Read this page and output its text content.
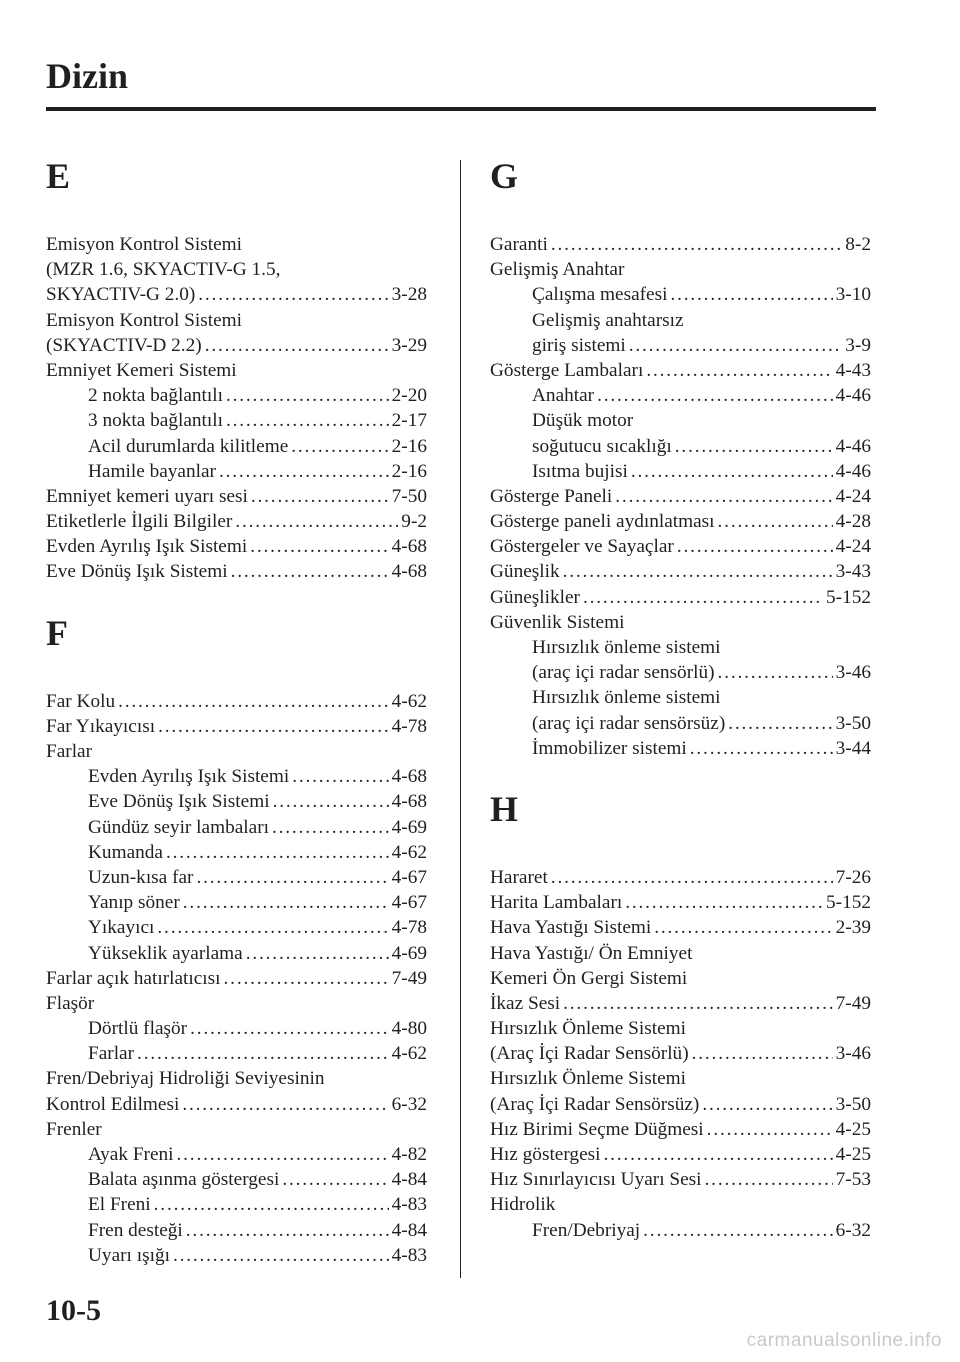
Dizin
E
Emisyon Kontrol Sistemi
(MZR 1.6, SKYACTIV-G 1.5,
SKYACTIV-G 2.0) . . .	3-28
Emisyon Kontrol Sistemi
(SKYACTIV-D 2.2) . . .	3-29
Emniyet Kemeri Sistemi
2 nokta bağlantılı . . .	2-20
3 nokta bağlantılı . . .	2-17
Acil durumlarda kilitleme . . .	2-16
Hamile bayanlar . . .	2-16
Emniyet kemeri uyarı sesi . . .	7-50
Etiketlerle İlgili Bilgiler . . .	9-2
Evden Ayrılış Işık Sistemi . . .	4-68
Eve Dönüş Işık Sistemi . . .	4-68
F
Far Kolu . . .	4-62
Far Yıkayıcısı . . .	4-78
Farlar
Evden Ayrılış Işık Sistemi . . .	4-68
Eve Dönüş Işık Sistemi . . .	4-68
Gündüz seyir lambaları . . .	4-69
Kumanda . . .	4-62
Uzun-kısa far . . .	4-67
Yanıp söner . . .	4-67
Yıkayıcı . . .	4-78
Yükseklik ayarlama . . .	4-69
Farlar açık hatırlatıcısı . . .	7-49
Flaşör
Dörtlü flaşör . . .	4-80
Farlar . . .	4-62
Fren/Debriyaj Hidroliği Seviyesinin
Kontrol Edilmesi . . .	6-32
Frenler
Ayak Freni . . .	4-82
Balata aşınma göstergesi . . .	4-84
El Freni . . .	4-83
Fren desteği . . .	4-84
Uyarı ışığı . . .	4-83
G
Garanti . . .	8-2
Gelişmiş Anahtar
Çalışma mesafesi . . .	3-10
Gelişmiş anahtarsız
giriş sistemi . . .	3-9
Gösterge Lambaları . . .	4-43
Anahtar . . .	4-46
Düşük motor
soğutucu sıcaklığı . . .	4-46
Isıtma bujisi . . .	4-46
Gösterge Paneli . . .	4-24
Gösterge paneli aydınlatması . . .	4-28
Göstergeler ve Sayaçlar . . .	4-24
Güneşlik . . .	3-43
Güneşlikler . . .	5-152
Güvenlik Sistemi
Hırsızlık önleme sistemi
(araç içi radar sensörlü) . . .	3-46
Hırsızlık önleme sistemi
(araç içi radar sensörsüz) . . .	3-50
İmmobilizer sistemi . . .	3-44
H
Hararet . . .	7-26
Harita Lambaları . . .	5-152
Hava Yastığı Sistemi . . .	2-39
Hava Yastığı/ Ön Emniyet
Kemeri Ön Gergi Sistemi
İkaz Sesi . . .	7-49
Hırsızlık Önleme Sistemi
(Araç İçi Radar Sensörlü) . . .	3-46
Hırsızlık Önleme Sistemi
(Araç İçi Radar Sensörsüz) . . .	3-50
Hız Birimi Seçme Düğmesi . . .	4-25
Hız göstergesi . . .	4-25
Hız Sınırlayıcısı Uyarı Sesi . . .	7-53
Hidrolik
Fren/Debriyaj . . .	6-32
10-5
carmanualsonline.info
